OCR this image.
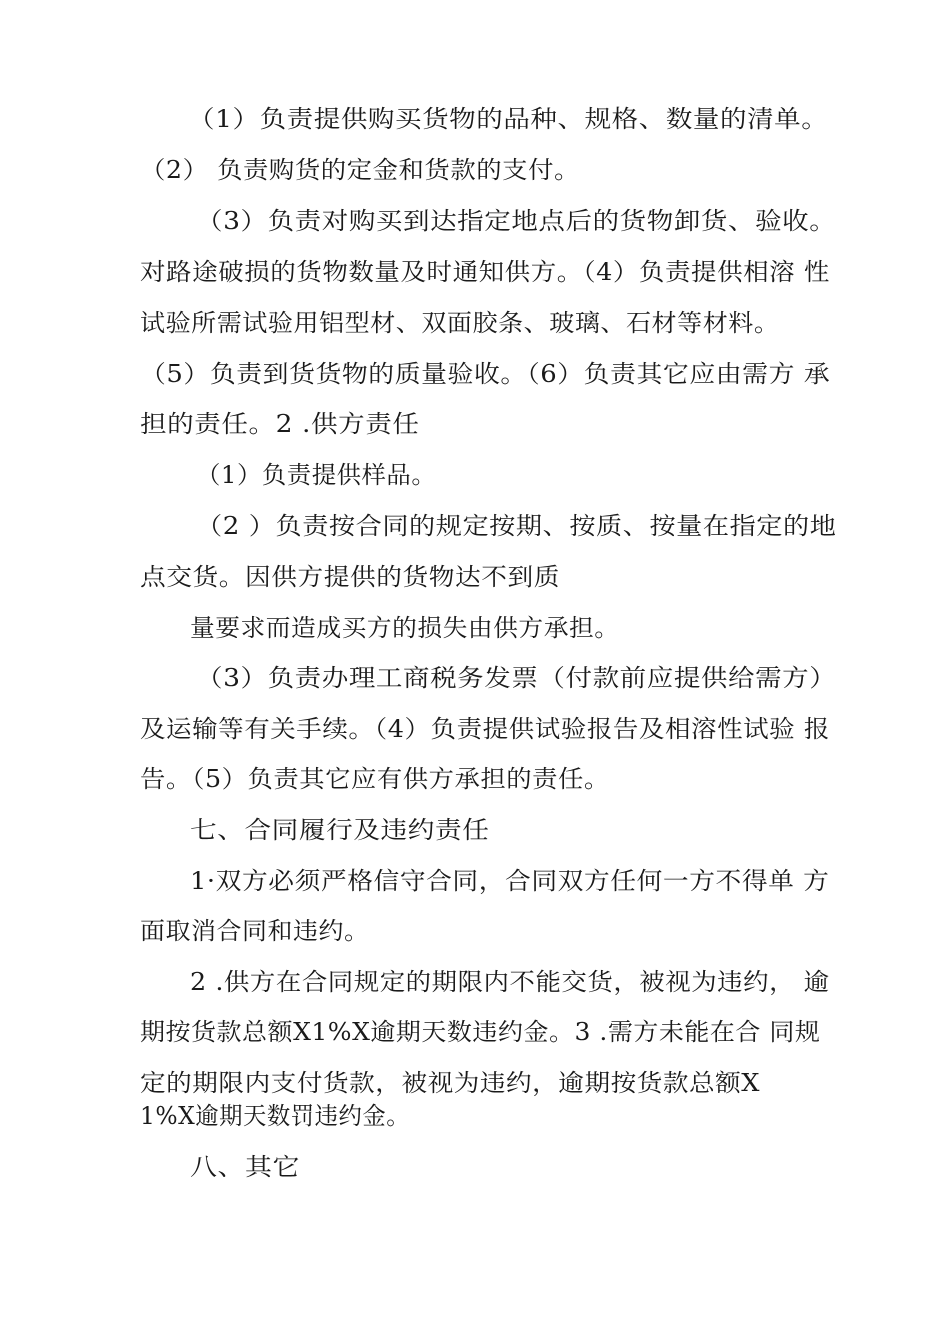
（1）负责提供购买货物的品种、规格、数量的清单。
（2） 负责购货的定金和货款的支付。
（3）负责对购买到达指定地点后的货物卸货、验收。
对路途破损的货物数量及时通知供方。（4）负责提供相溶 性
试验所需试验用铝型材、双面胶条、玻璃、石材等材料。
（5）负责到货货物的质量验收。（6）负责其它应由需方 承
担的责任。2 .供方责任
（1）负责提供样品。
（2 ）负责按合同的规定按期、按质、按量在指定的地
点交货。因供方提供的货物达不到质
量要求而造成买方的损失由供方承担。
（3）负责办理工商税务发票（付款前应提供给需方）
及运输等有关手续。（4）负责提供试验报告及相溶性试验 报
告。（5）负责其它应有供方承担的责任。
七、合同履行及违约责任
1·双方必须严格信守合同，合同双方任何一方不得单 方
面取消合同和违约。
2 .供方在合同规定的期限内不能交货，被视为违约， 逾
期按货款总额X1%X逾期天数违约金。3 .需方未能在合 同规
定的期限内支付货款，被视为违约，逾期按货款总额X
1%X逾期天数罚违约金。
八、其它
